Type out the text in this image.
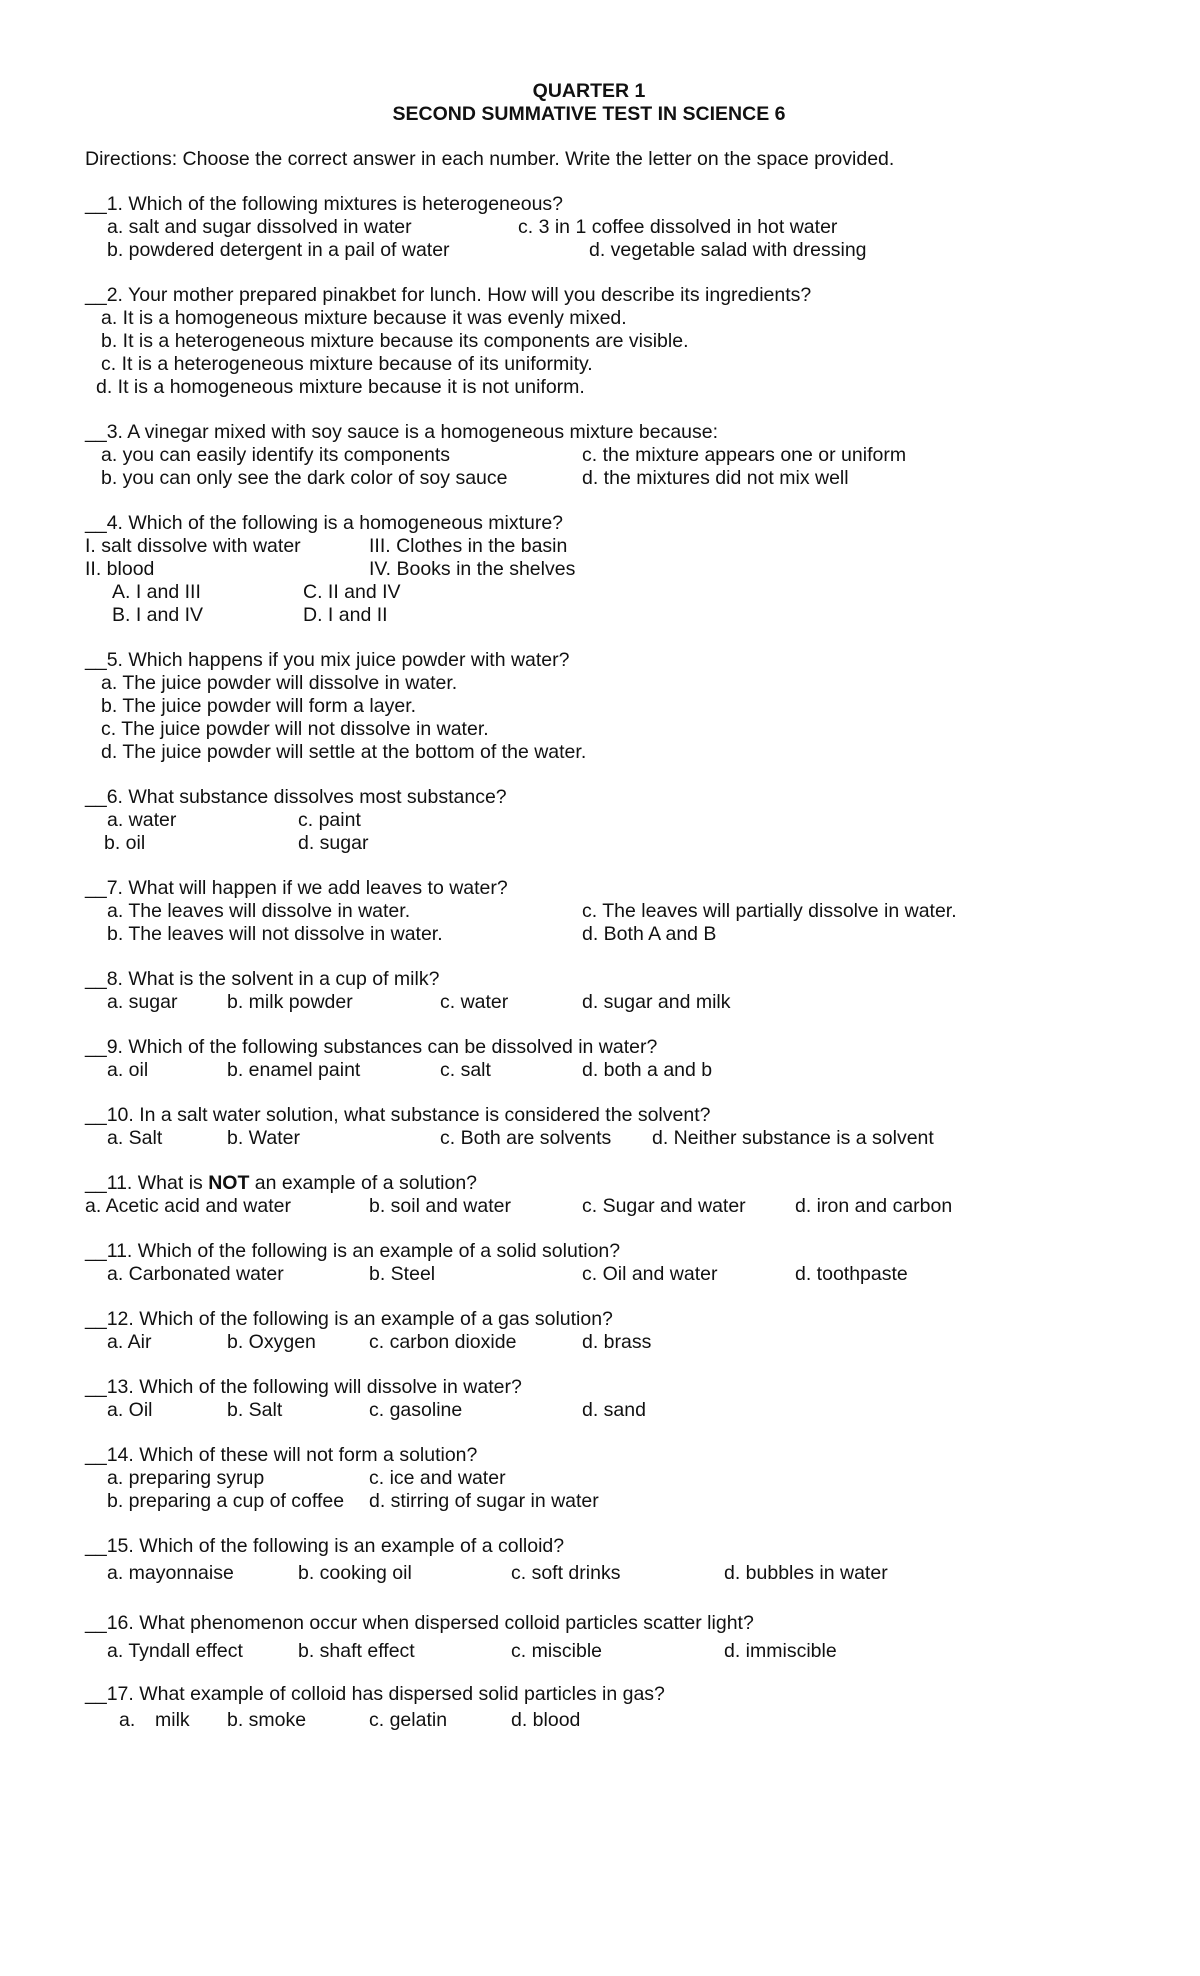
QUARTER 1
SECOND SUMMATIVE TEST IN SCIENCE 6
Directions: Choose the correct answer in each number. Write the letter on the space provided.
__1. Which of the following mixtures is heterogeneous?
a. salt and sugar dissolved in water	c. 3 in 1 coffee dissolved in hot water
b. powdered detergent in a pail of water	d. vegetable salad with dressing
__2. Your mother prepared pinakbet for lunch. How will you describe its ingredients?
a. It is a homogeneous mixture because it was evenly mixed.
b. It is a heterogeneous mixture because its components are visible.
c. It is a heterogeneous mixture because of its uniformity.
d. It is a homogeneous mixture because it is not uniform.
__3. A vinegar mixed with soy sauce is a homogeneous mixture because:
a. you can easily identify its components	c. the mixture appears one or uniform
b. you can only see the dark color of soy sauce	d. the mixtures did not mix well
__4. Which of the following is a homogeneous mixture?
I. salt dissolve with water	III. Clothes in the basin
II. blood	IV. Books in the shelves
A. I and III	C. II and IV
B. I and IV	D. I and II
__5. Which happens if you mix juice powder with water?
a. The juice powder will dissolve in water.
b. The juice powder will form a layer.
c. The juice powder will not dissolve in water.
d. The juice powder will settle at the bottom of the water.
__6. What substance dissolves most substance?
a. water	c. paint
b. oil	d. sugar
__7. What will happen if we add leaves to water?
a. The leaves will dissolve in water.	c. The leaves will partially dissolve in water.
b. The leaves will not dissolve in water.	d. Both A and B
__8. What is the solvent in a cup of milk?
a. sugar	b. milk powder	c. water	d. sugar and milk
__9. Which of the following substances can be dissolved in water?
a. oil	b. enamel paint	c. salt	d. both a and b
__10. In a salt water solution, what substance is considered the solvent?
a. Salt	b. Water	c. Both are solvents d. Neither substance is a solvent
__11. What is NOT an example of a solution?
a. Acetic acid and water	b. soil and water	c. Sugar and water	d. iron and carbon
__11. Which of the following is an example of a solid solution?
a. Carbonated water	b. Steel	c. Oil and water	d. toothpaste
__12. Which of the following is an example of a gas solution?
a. Air	b. Oxygen	c. carbon dioxide	d. brass
__13. Which of the following will dissolve in water?
a. Oil	b. Salt	c. gasoline	d. sand
__14. Which of these will not form a solution?
a. preparing syrup	c. ice and water
b. preparing a cup of coffee d. stirring of sugar in water
__15. Which of the following is an example of a colloid?
a. mayonnaise	b. cooking oil	c. soft drinks	d. bubbles in water
__16. What phenomenon occur when dispersed colloid particles scatter light?
a. Tyndall effect	b. shaft effect	c. miscible	d. immiscible
__17. What example of colloid has dispersed solid particles in gas?
a. milk b. smoke	c. gelatin	d. blood
